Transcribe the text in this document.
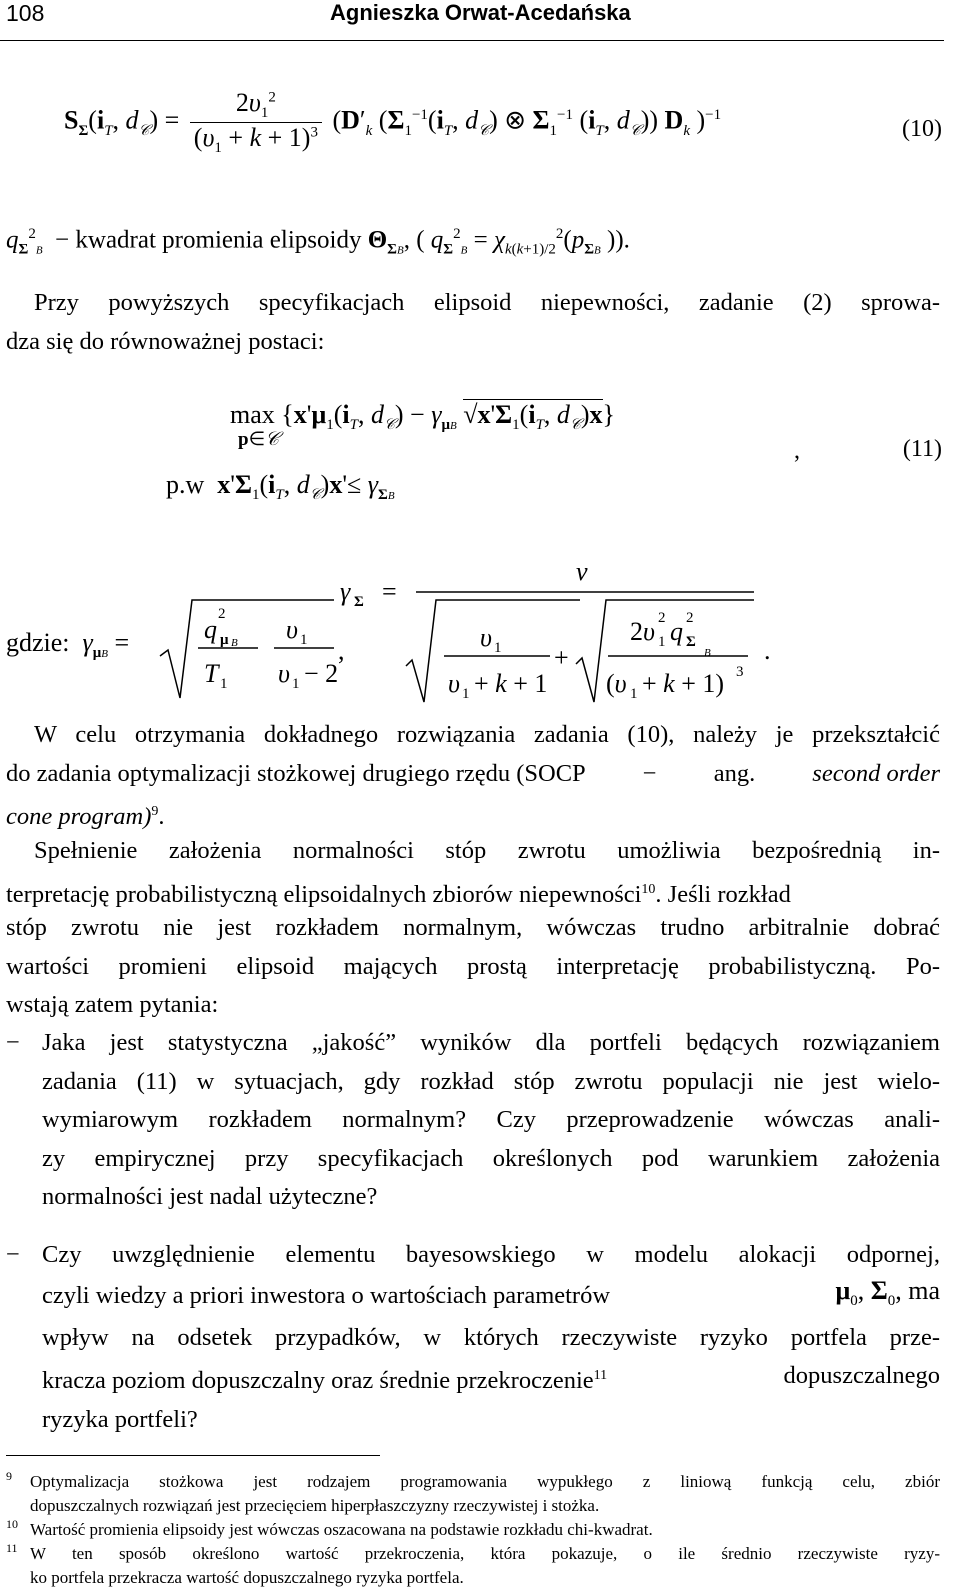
108	Agnieszka Orwat-Acedańska
$S_\Sigma(i_T$, $d_𝒞) = \frac{2\upsilon_1^2}{(\upsilon_1 + k + 1)^3} (D'_k$ ($\Sigma_1^{-1}(i_T$, $d_𝒞$) ⊗ $\Sigma_1^{-1}$ ($i_T$, $d_𝒞$)) $D_k$ )$^{-1}$
(10)
$q_\Sigma^2_B$  − kwadrat promienia elipsoidy $\Theta_{\Sigma B}$, ( $q_\Sigma^2_B = \chi_{k(k+1)/2}^2(p_{\Sigma B}$ )).
Przy powyższych specyfikacjach elipsoid niepewności, zadanie (2) sprowa-
dza się do równoważnej postaci:
$\max \{x'\mu_1(i_T$, $d_𝒞) - \gamma_{\mu B}$ $√x'\Sigma_1(i_T$, $d_𝒞)x$}
p∈𝒞	,	(11)
p.w $x'\Sigma_1(i_T$, $d_𝒞)x'\le \gamma_{\Sigma B}$
gdzie: $\gamma_{\mu B}$ =	q
2
μ B
T 1
υ 1
υ 1 − 2
,
γ Σ =
v
υ 1
υ 1 + k + 1
+
2υ 2
1 q 2
Σ
B
(υ 1 + k + 1) 3
.
W celu otrzymania dokładnego rozwiązania zadania (10), należy je przekształcić
do zadania optymalizacji stożkowej drugiego rzędu (SOCP − ang. second order
cone program)$^9$.
Spełnienie założenia normalności stóp zwrotu umożliwia bezpośrednią in-
terpretację probabilistyczną elipsoidalnych zbiorów niepewności$^{10}$. Jeśli rozkład
stóp zwrotu nie jest rozkładem normalnym, wówczas trudno arbitralnie dobrać
wartości promieni elipsoid mających prostą interpretację probabilistyczną. Po-
wstają zatem pytania:
− Jaka jest statystyczna „jakość” wyników dla portfeli będących rozwiązaniem
zadania (11) w sytuacjach, gdy rozkład stóp zwrotu populacji nie jest wielo-
wymiarowym rozkładem normalnym? Czy przeprowadzenie wówczas anali-
zy empirycznej przy specyfikacjach określonych pod warunkiem założenia
normalności jest nadal użyteczne?
− Czy uwzględnienie elementu bayesowskiego w modelu alokacji odpornej,
czyli wiedzy a priori inwestora o wartościach parametrów	$\mu_0$, $\Sigma_0$, ma
wpływ na odsetek przypadków, w których rzeczywiste ryzyko portfela prze-
kracza poziom dopuszczalny oraz średnie przekroczenie$^{11}$	dopuszczalnego
ryzyka portfeli?
9 Optymalizacja stożkowa jest rodzajem programowania wypukłego z liniową funkcją celu, zbiór
dopuszczalnych rozwiązań jest przecięciem hiperpłaszczyzny rzeczywistej i stożka.
10 Wartość promienia elipsoidy jest wówczas oszacowana na podstawie rozkładu chi-kwadrat.
11 W ten sposób określono wartość przekroczenia, która pokazuje, o ile średnio rzeczywiste ryzy-
ko portfela przekracza wartość dopuszczalnego ryzyka portfela.
